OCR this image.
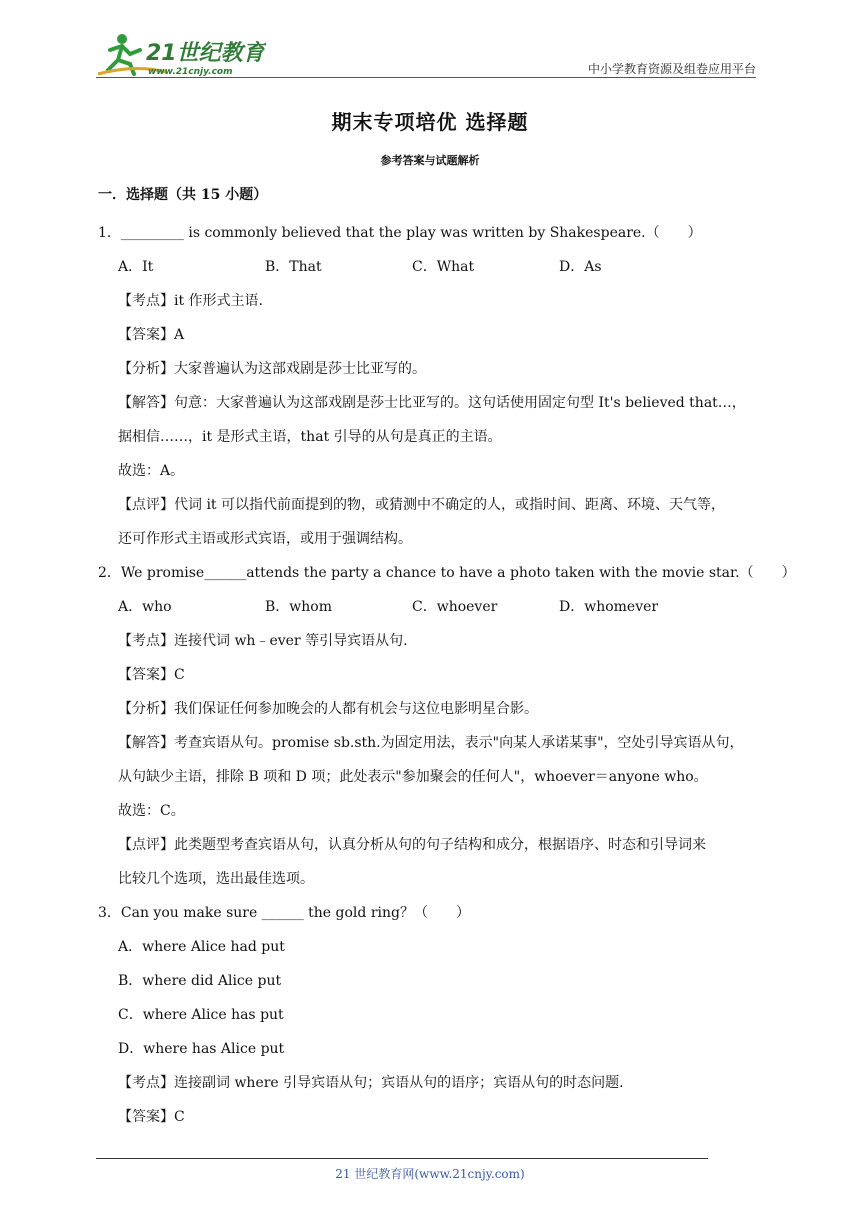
21世纪教育
www.21cnjy.com	中小学教育资源及组卷应用平台
期末专项培优 选择题
参考答案与试题解析
一．选择题（共 15 小题）
1．_________ is commonly believed that the play was written by Shakespeare.（　　）
A．It	B．That	C．What	D．As
【考点】it 作形式主语.
【答案】A
【分析】大家普遍认为这部戏剧是莎士比亚写的。
【解答】句意：大家普遍认为这部戏剧是莎士比亚写的。这句话使用固定句型 It's believed that…，
据相信……，it 是形式主语，that 引导的从句是真正的主语。
故选：A。
【点评】代词 it 可以指代前面提到的物，或猜测中不确定的人，或指时间、距离、环境、天气等，
还可作形式主语或形式宾语，或用于强调结构。
2．We promise______attends the party a chance to have a photo taken with the movie star.（　　）
A．who	B．whom	C．whoever	D．whomever
【考点】连接代词 wh﹣ever 等引导宾语从句.
【答案】C
【分析】我们保证任何参加晚会的人都有机会与这位电影明星合影。
【解答】考查宾语从句。promise sb.sth.为固定用法，表示"向某人承诺某事"，空处引导宾语从句，
从句缺少主语，排除 B 项和 D 项；此处表示"参加聚会的任何人"，whoever＝anyone who。
故选：C。
【点评】此类题型考查宾语从句，认真分析从句的句子结构和成分，根据语序、时态和引导词来
比较几个选项，选出最佳选项。
3．Can you make sure ______ the gold ring？（　　）
A．where Alice had put
B．where did Alice put
C．where Alice has put
D．where has Alice put
【考点】连接副词 where 引导宾语从句；宾语从句的语序；宾语从句的时态问题.
【答案】C
21 世纪教育网(www.21cnjy.com)
